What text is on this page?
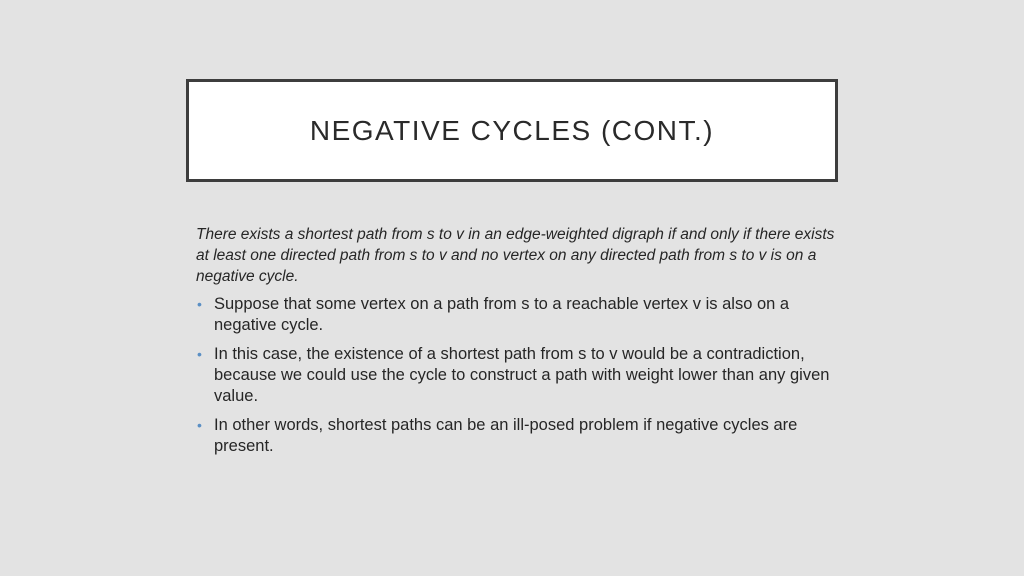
NEGATIVE CYCLES (CONT.)

There exists a shortest path from s to v in an edge-weighted digraph if and only if there exists at least one directed path from s to v and no vertex on any directed path from s to v is on a negative cycle.

• Suppose that some vertex on a path from s to a reachable vertex v is also on a negative cycle.
• In this case, the existence of a shortest path from s to v would be a contradiction, because we could use the cycle to construct a path with weight lower than any given value.
• In other words, shortest paths can be an ill-posed problem if negative cycles are present.
